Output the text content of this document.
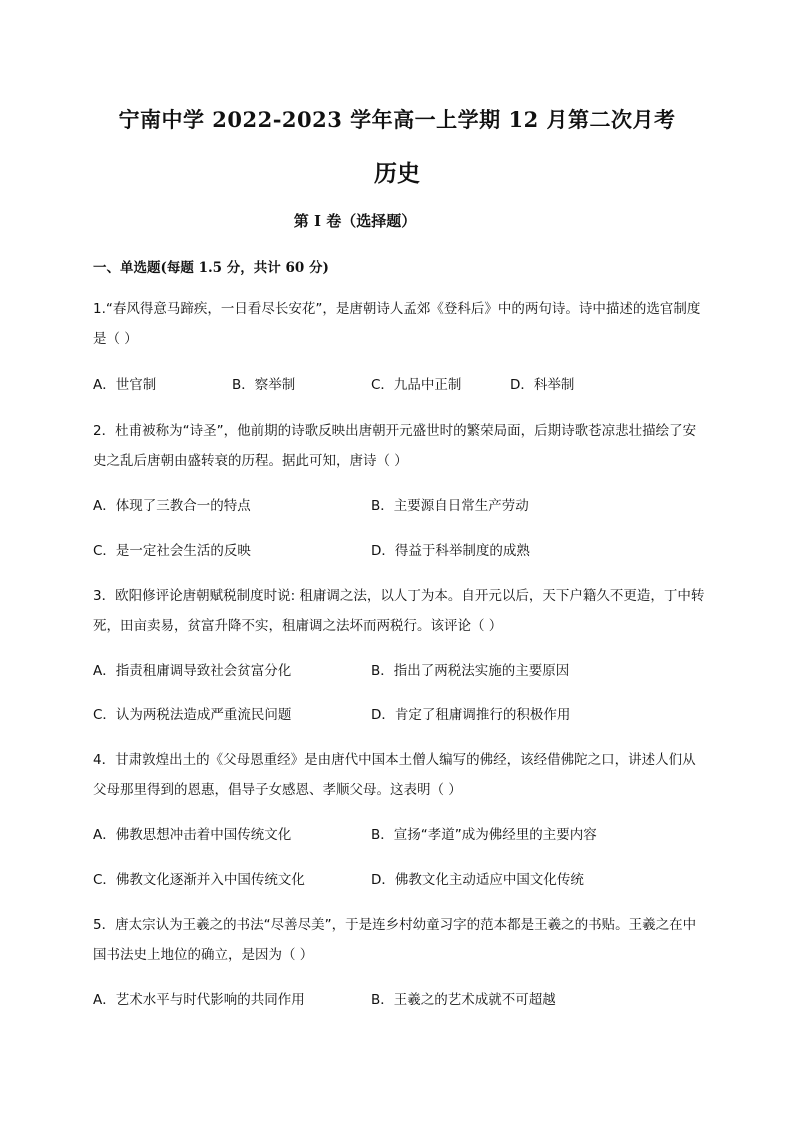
宁南中学 2022-2023 学年高一上学期 12 月第二次月考
历史
第 I 卷（选择题）
一、单选题(每题 1.5 分，共计 60 分)
1.“春风得意马蹄疾，一日看尽长安花”，是唐朝诗人孟郊《登科后》中的两句诗。诗中描述的选官制度是（ ）
A．世官制	B．察举制	C．九品中正制	D．科举制
2．杜甫被称为“诗圣”，他前期的诗歌反映出唐朝开元盛世时的繁荣局面，后期诗歌苍凉悲壮描绘了安史之乱后唐朝由盛转衰的历程。据此可知，唐诗（ ）
A．体现了三教合一的特点	B．主要源自日常生产劳动
C．是一定社会生活的反映	D．得益于科举制度的成熟
3．欧阳修评论唐朝赋税制度时说: 租庸调之法，以人丁为本。自开元以后，天下户籍久不更造，丁中转死，田亩卖易，贫富升降不实，租庸调之法坏而两税行。该评论（ ）
A．指责租庸调导致社会贫富分化	B．指出了两税法实施的主要原因
C．认为两税法造成严重流民问题	D．肯定了租庸调推行的积极作用
4．甘肃敦煌出土的《父母恩重经》是由唐代中国本土僧人编写的佛经，该经借佛陀之口，讲述人们从父母那里得到的恩惠，倡导子女感恩、孝顺父母。这表明（ ）
A．佛教思想冲击着中国传统文化	B．宣扬“孝道”成为佛经里的主要内容
C．佛教文化逐渐并入中国传统文化	D．佛教文化主动适应中国文化传统
5．唐太宗认为王羲之的书法“尽善尽美”，于是连乡村幼童习字的范本都是王羲之的书贴。王羲之在中国书法史上地位的确立，是因为（ ）
A．艺术水平与时代影响的共同作用	B．王羲之的艺术成就不可超越
